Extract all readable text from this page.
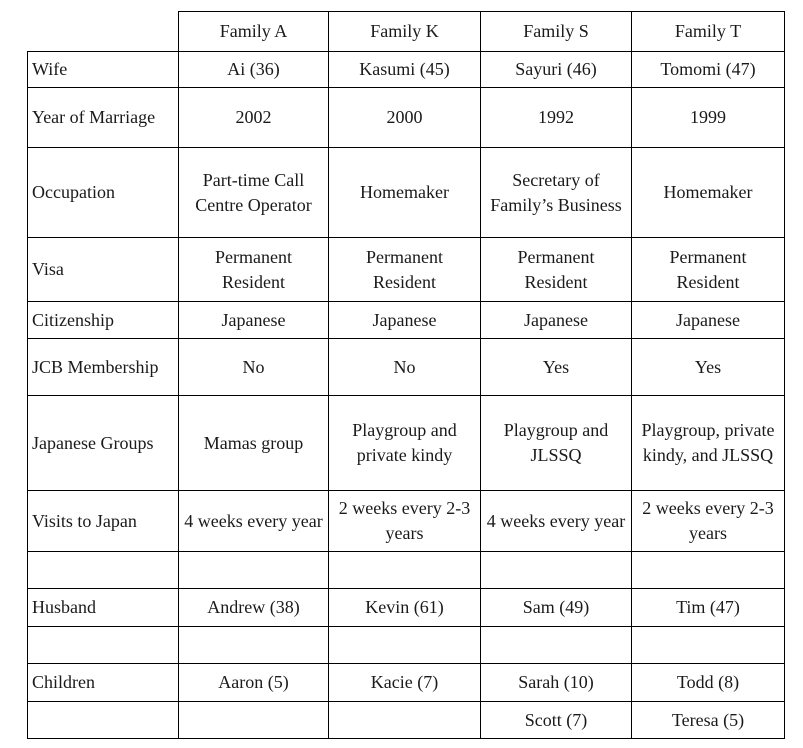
	Family A	Family K	Family S	Family T
Wife	Ai (36)	Kasumi (45)	Sayuri (46)	Tomomi (47)
Year of Marriage	2002	2000	1992	1999
Occupation	Part-time Call Centre Operator	Homemaker	Secretary of Family’s Business	Homemaker
Visa	Permanent Resident	Permanent Resident	Permanent Resident	Permanent Resident
Citizenship	Japanese	Japanese	Japanese	Japanese
JCB Membership	No	No	Yes	Yes
Japanese Groups	Mamas group	Playgroup and private kindy	Playgroup and JLSSQ	Playgroup, private kindy, and JLSSQ
Visits to Japan	4 weeks every year	2 weeks every 2-3 years	4 weeks every year	2 weeks every 2-3 years

Husband	Andrew (38)	Kevin (61)	Sam (49)	Tim (47)

Children	Aaron (5)	Kacie (7)	Sarah (10)	Todd (8)
			Scott (7)	Teresa (5)
